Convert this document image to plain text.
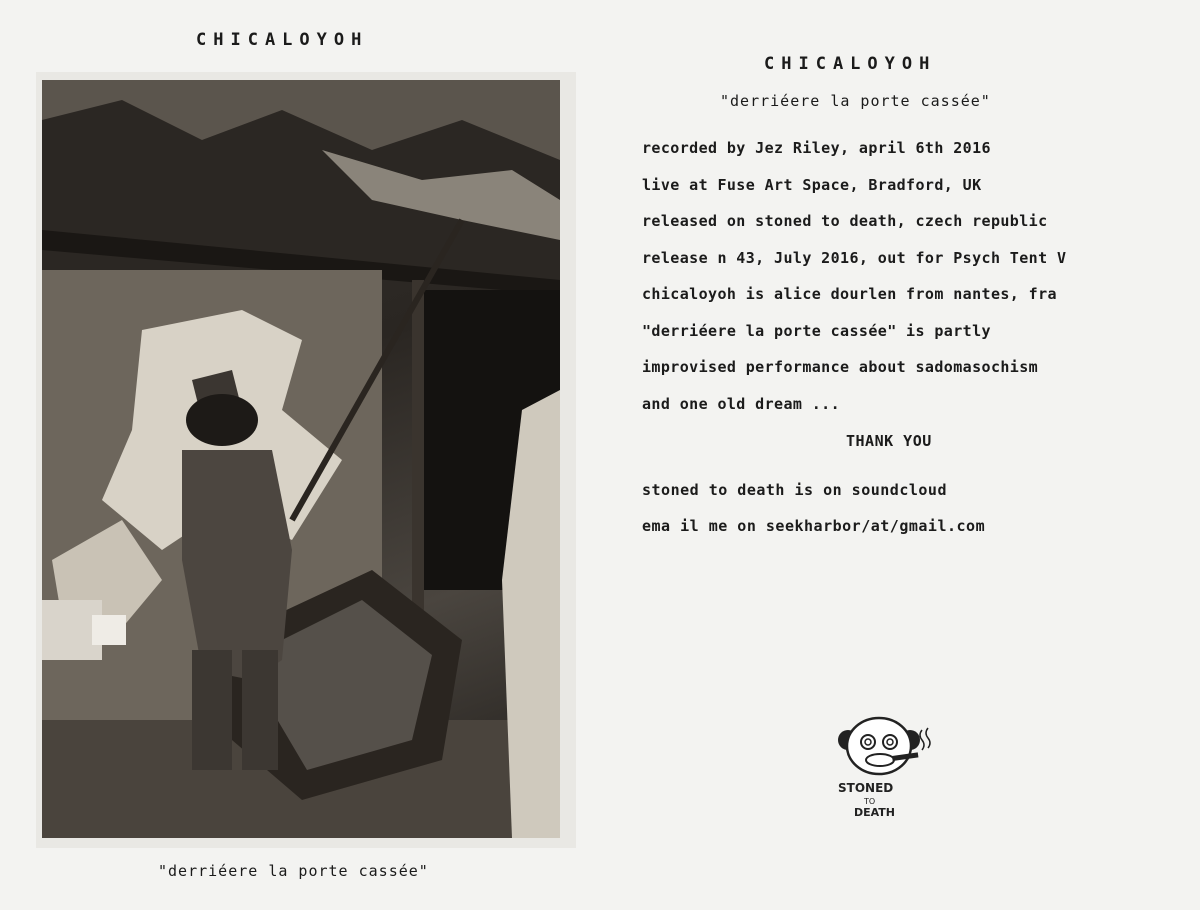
CHICALOYOH
"derriéere la porte cassée"
CHICALOYOH
"derriéere la porte cassée"
recorded by Jez Riley, april 6th 2016
live at Fuse Art Space, Bradford, UK
released on stoned to death, czech republic
release n 43, July 2016, out for Psych Tent V
chicaloyoh is alice dourlen from nantes, fra
"derriéere la porte cassée" is partly
improvised performance about sadomasochism
and one old dream ...
THANK YOU
stoned to death is on soundcloud
ema il me on seekharbor/at/gmail.com
STONED
TO
DEATH
